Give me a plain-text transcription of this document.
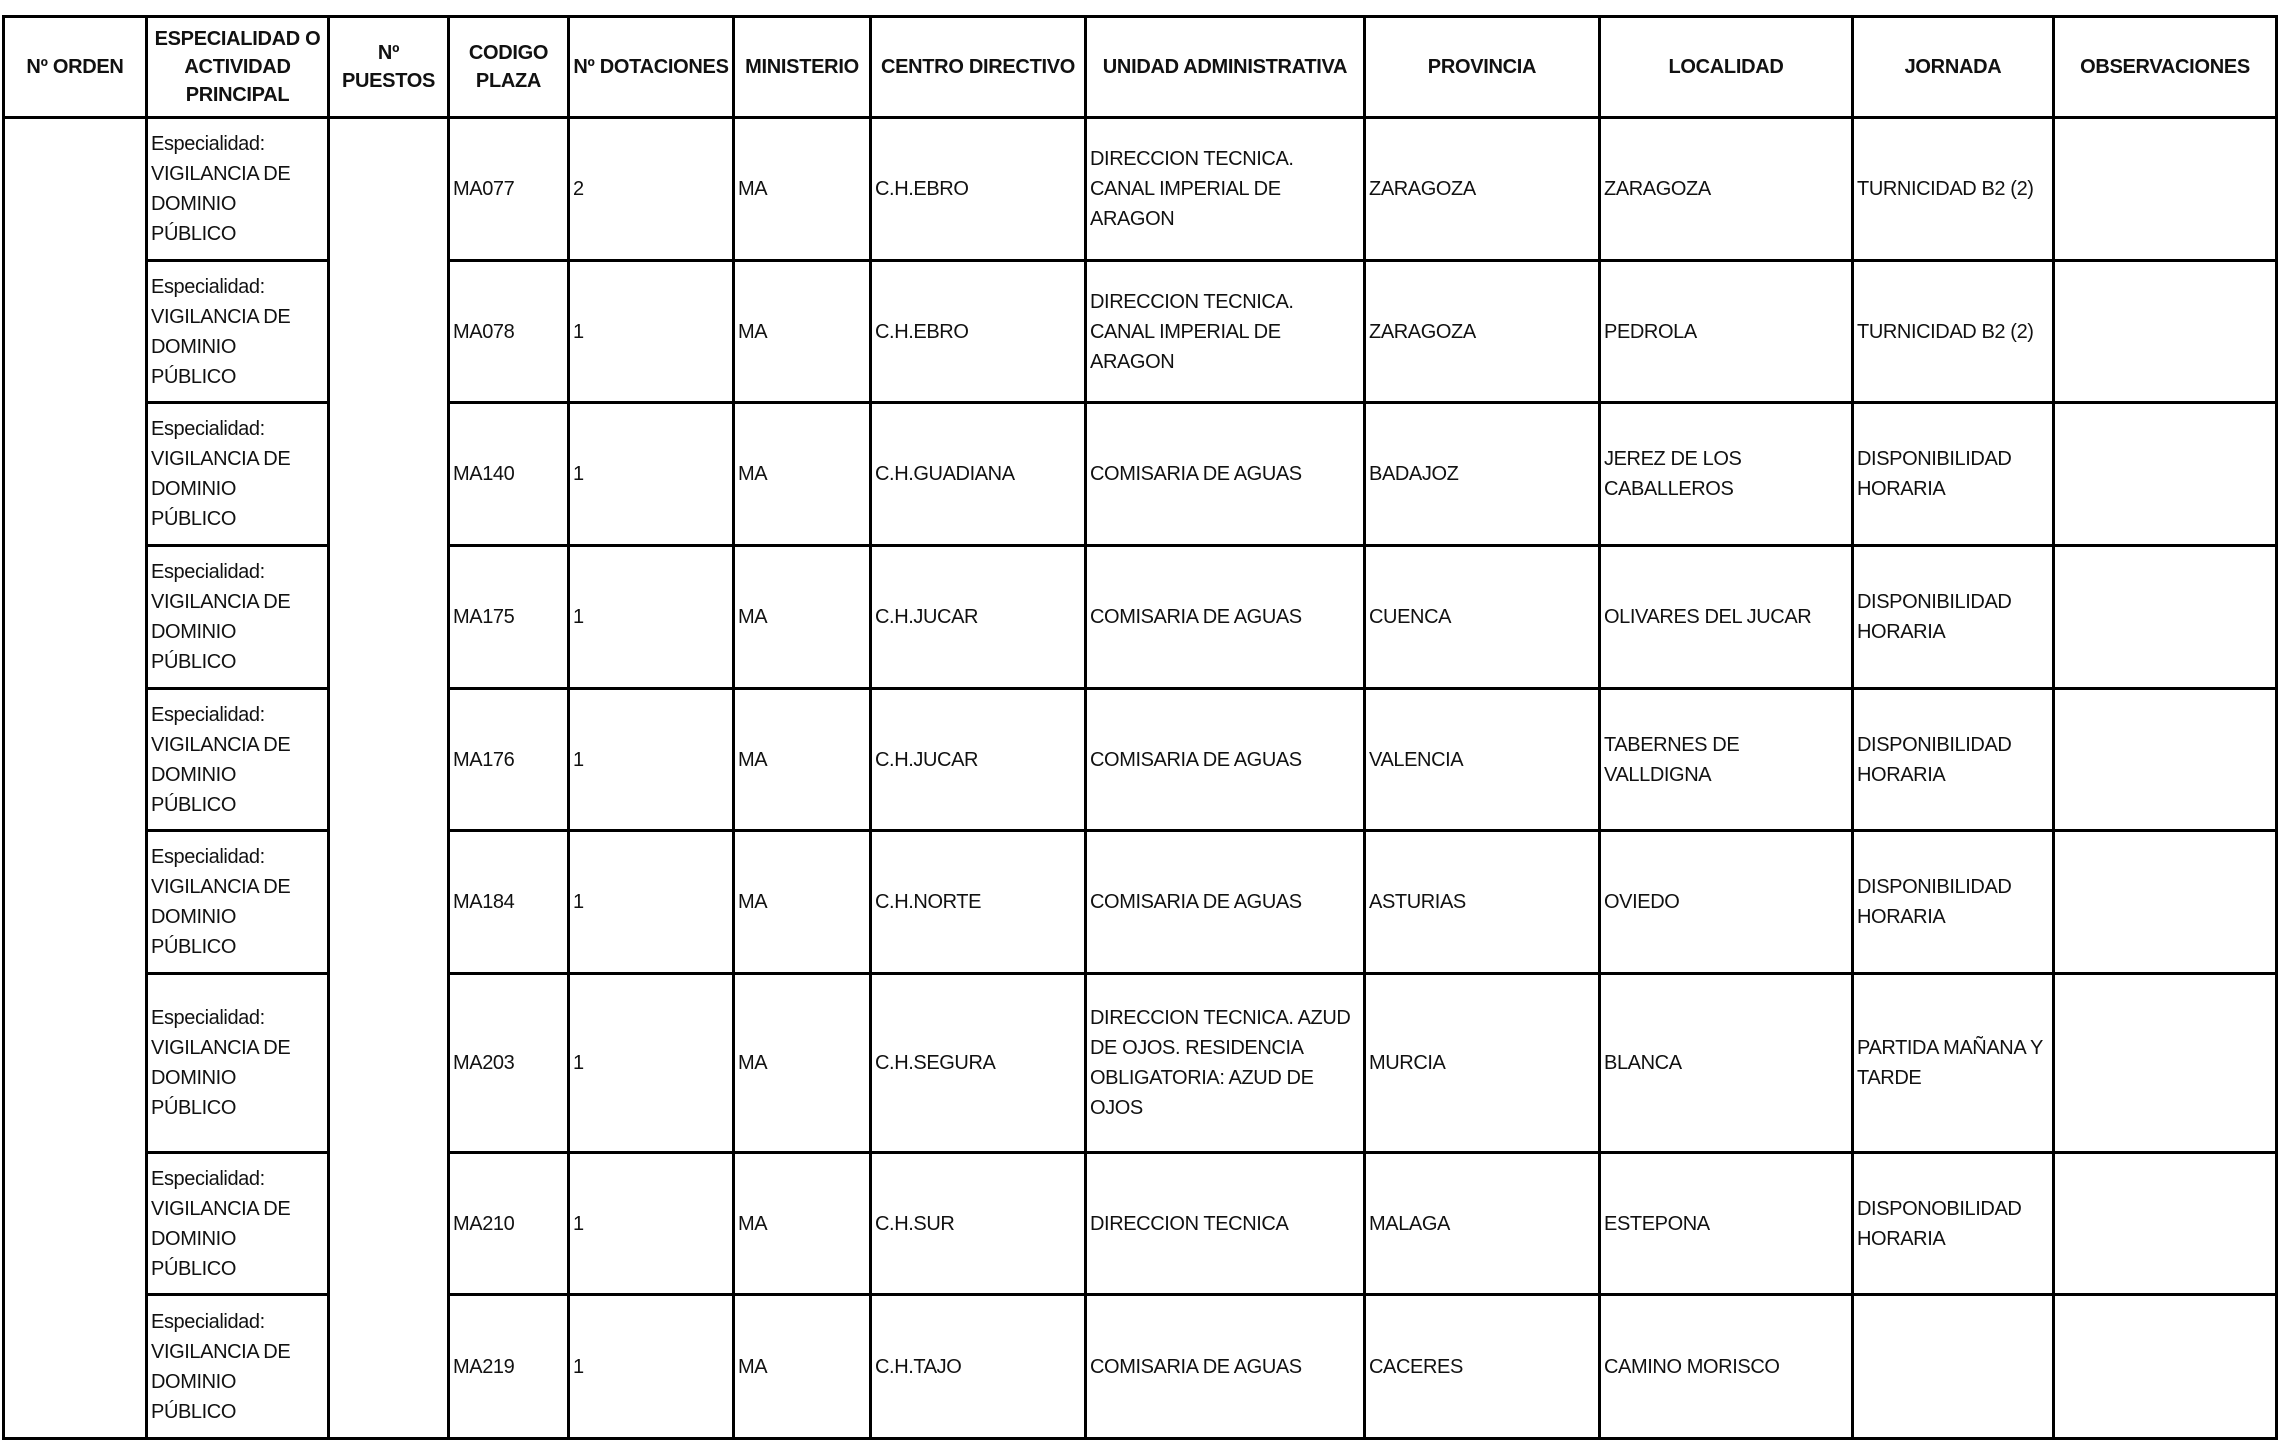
Nº ORDEN	ESPECIALIDAD O ACTIVIDAD PRINCIPAL	Nº PUESTOS	CODIGO PLAZA	Nº DOTACIONES	MINISTERIO	CENTRO DIRECTIVO	UNIDAD ADMINISTRATIVA	PROVINCIA	LOCALIDAD	JORNADA	OBSERVACIONES

	Especialidad: VIGILANCIA DE DOMINIO PÚBLICO		MA077	2	MA	C.H.EBRO	DIRECCION TECNICA. CANAL IMPERIAL DE ARAGON	ZARAGOZA	ZARAGOZA	TURNICIDAD B2 (2)	

	Especialidad: VIGILANCIA DE DOMINIO PÚBLICO		MA078	1	MA	C.H.EBRO	DIRECCION TECNICA. CANAL IMPERIAL DE ARAGON	ZARAGOZA	PEDROLA	TURNICIDAD B2 (2)	

	Especialidad: VIGILANCIA DE DOMINIO PÚBLICO		MA140	1	MA	C.H.GUADIANA	COMISARIA DE AGUAS	BADAJOZ	JEREZ DE LOS CABALLEROS	DISPONIBILIDAD HORARIA	

	Especialidad: VIGILANCIA DE DOMINIO PÚBLICO		MA175	1	MA	C.H.JUCAR	COMISARIA DE AGUAS	CUENCA	OLIVARES DEL JUCAR	DISPONIBILIDAD HORARIA	

	Especialidad: VIGILANCIA DE DOMINIO PÚBLICO		MA176	1	MA	C.H.JUCAR	COMISARIA DE AGUAS	VALENCIA	TABERNES DE VALLDIGNA	DISPONIBILIDAD HORARIA	

	Especialidad: VIGILANCIA DE DOMINIO PÚBLICO		MA184	1	MA	C.H.NORTE	COMISARIA DE AGUAS	ASTURIAS	OVIEDO	DISPONIBILIDAD HORARIA	

	Especialidad: VIGILANCIA DE DOMINIO PÚBLICO		MA203	1	MA	C.H.SEGURA	DIRECCION TECNICA. AZUD DE OJOS. RESIDENCIA OBLIGATORIA: AZUD DE OJOS	MURCIA	BLANCA	PARTIDA MAÑANA Y TARDE	

	Especialidad: VIGILANCIA DE DOMINIO PÚBLICO		MA210	1	MA	C.H.SUR	DIRECCION TECNICA	MALAGA	ESTEPONA	DISPONOBILIDAD HORARIA	

	Especialidad: VIGILANCIA DE DOMINIO PÚBLICO		MA219	1	MA	C.H.TAJO	COMISARIA DE AGUAS	CACERES	CAMINO MORISCO		
